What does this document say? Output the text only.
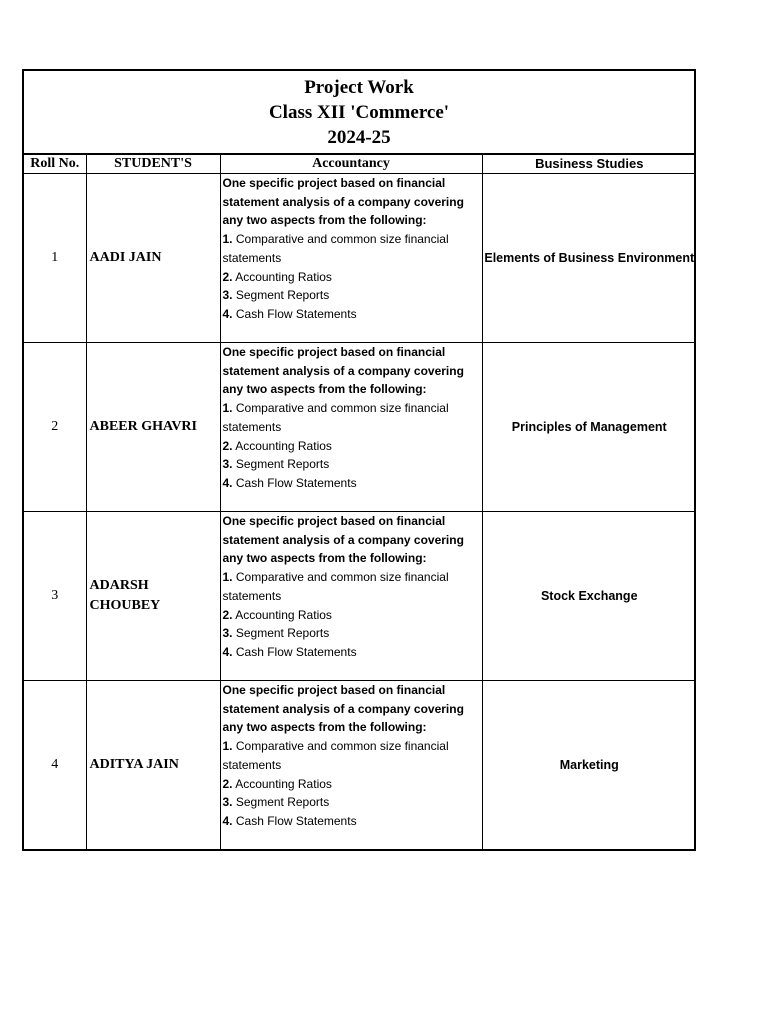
Project Work
Class XII 'Commerce'
2024-25
Roll No.	STUDENT'S	Accountancy	Business Studies
1	AADI JAIN	One specific project based on financial statement analysis of a company covering any two aspects from the following:
1. Comparative and common size financial statements
2. Accounting Ratios
3. Segment Reports
4. Cash Flow Statements	Elements of Business Environment
2	ABEER GHAVRI	One specific project based on financial statement analysis of a company covering any two aspects from the following:
1. Comparative and common size financial statements
2. Accounting Ratios
3. Segment Reports
4. Cash Flow Statements	Principles of Management
3	ADARSH CHOUBEY	One specific project based on financial statement analysis of a company covering any two aspects from the following:
1. Comparative and common size financial statements
2. Accounting Ratios
3. Segment Reports
4. Cash Flow Statements	Stock Exchange
4	ADITYA JAIN	One specific project based on financial statement analysis of a company covering any two aspects from the following:
1. Comparative and common size financial statements
2. Accounting Ratios
3. Segment Reports
4. Cash Flow Statements	Marketing
